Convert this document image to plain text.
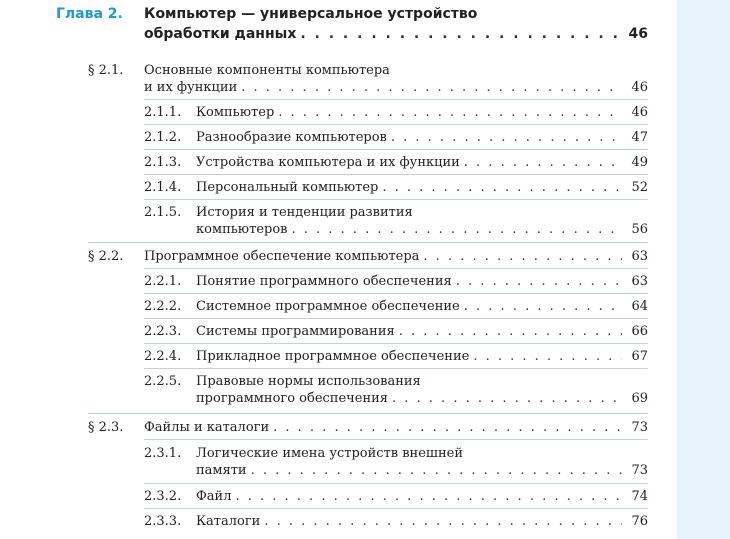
Глава 2.	Компьютер — универсальное устройство
обработки данных . . .	46
§ 2.1.	Основные компоненты компьютера
и их функции . . .	46
2.1.1.	Компьютер . . .	46
2.1.2.	Разнообразие компьютеров . . .	47
2.1.3.	Устройства компьютера и их функции . . .	49
2.1.4.	Персональный компьютер . . .	52
2.1.5.	История и тенденции развития
компьютеров . . .	56
§ 2.2.	Программное обеспечение компьютера . . .	63
2.2.1.	Понятие программного обеспечения . . .	63
2.2.2.	Системное программное обеспечение . . .	64
2.2.3.	Системы программирования . . .	66
2.2.4.	Прикладное программное обеспечение . . .	67
2.2.5.	Правовые нормы использования
программного обеспечения . . .	69
§ 2.3.	Файлы и каталоги . . .	73
2.3.1.	Логические имена устройств внешней
памяти . . .	73
2.3.2.	Файл . . .	74
2.3.3.	Каталоги . . .	76
